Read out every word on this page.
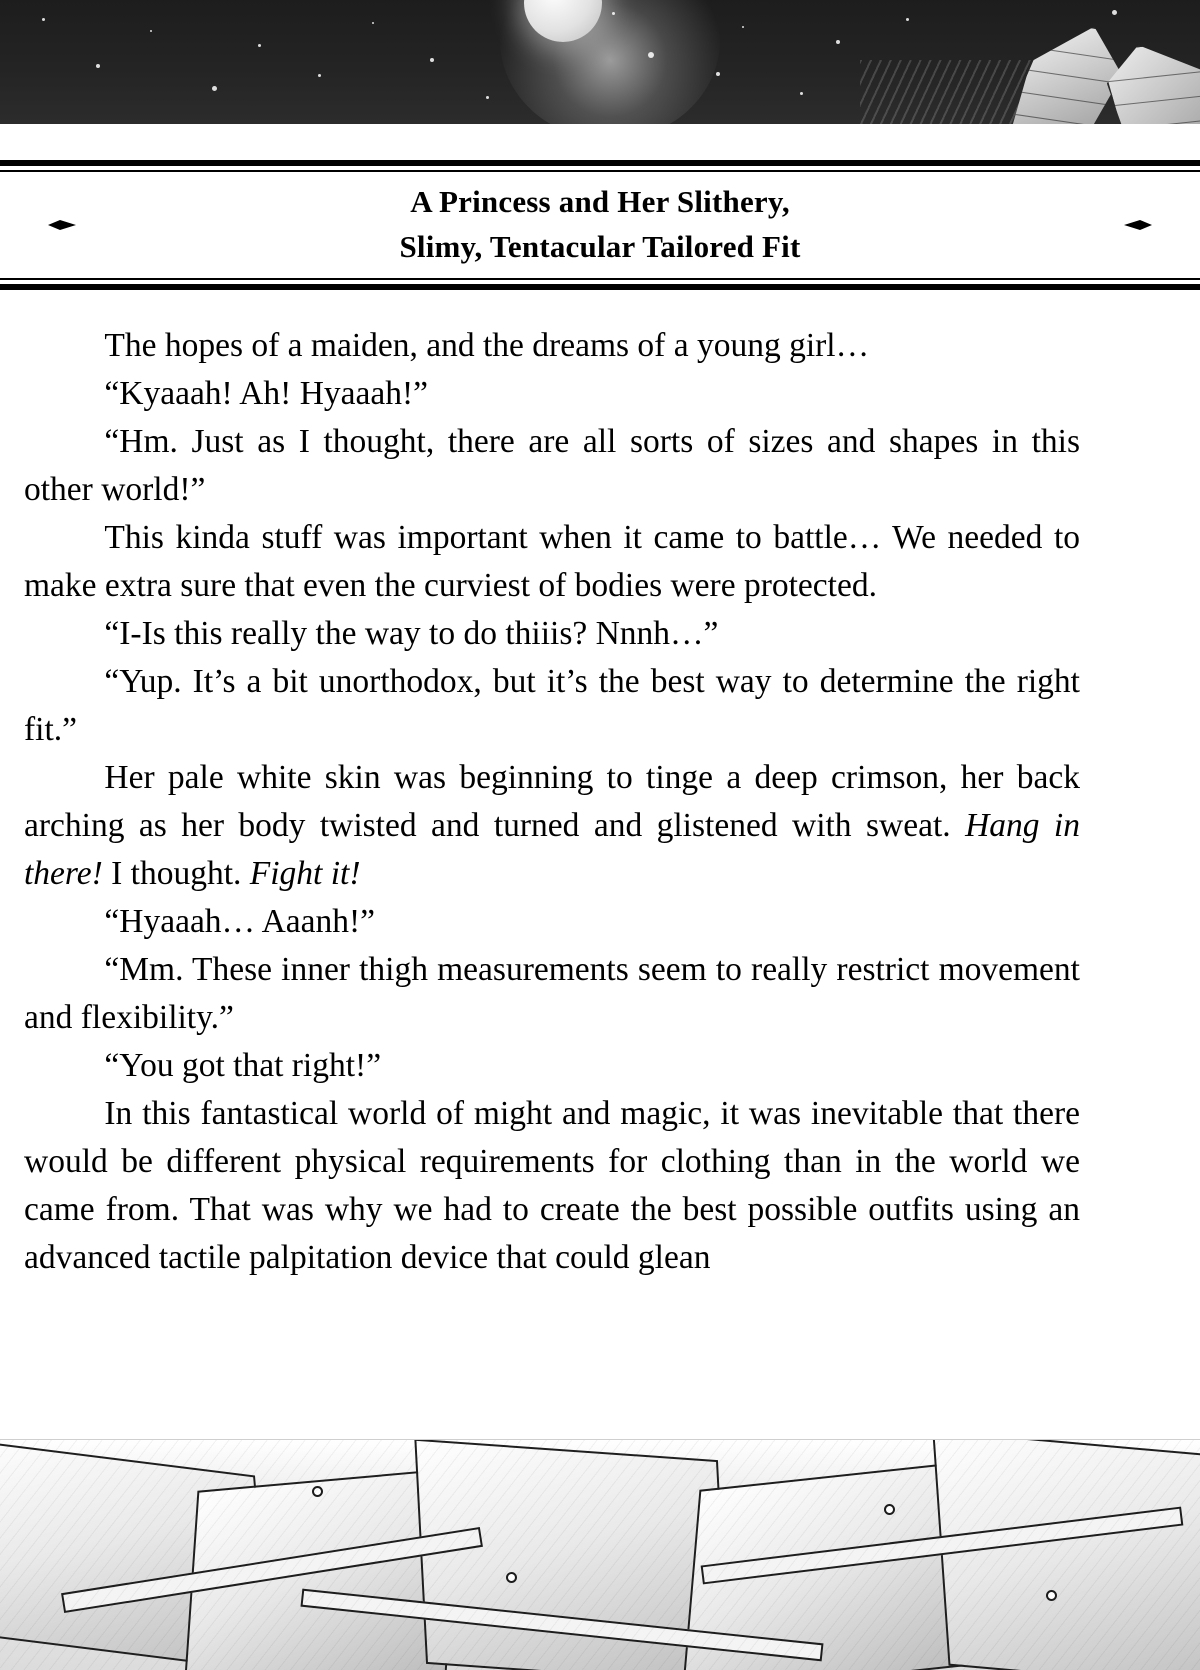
A Princess and Her Slithery,
Slimy, Tentacular Tailored Fit

The hopes of a maiden, and the dreams of a young girl…

“Kyaaah! Ah! Hyaaah!”

“Hm. Just as I thought, there are all sorts of sizes and shapes in this other world!”

This kinda stuff was important when it came to battle… We needed to make extra sure that even the curviest of bodies were protected.

“I-Is this really the way to do thiiis? Nnnh…”

“Yup. It’s a bit unorthodox, but it’s the best way to determine the right fit.”

Her pale white skin was beginning to tinge a deep crimson, her back arching as her body twisted and turned and glistened with sweat. Hang in there! I thought. Fight it!

“Hyaaah… Aaanh!”

“Mm. These inner thigh measurements seem to really restrict movement and flexibility.”

“You got that right!”

In this fantastical world of might and magic, it was inevitable that there would be different physical requirements for clothing than in the world we came from. That was why we had to create the best possible outfits using an advanced tactile palpitation device that could glean
